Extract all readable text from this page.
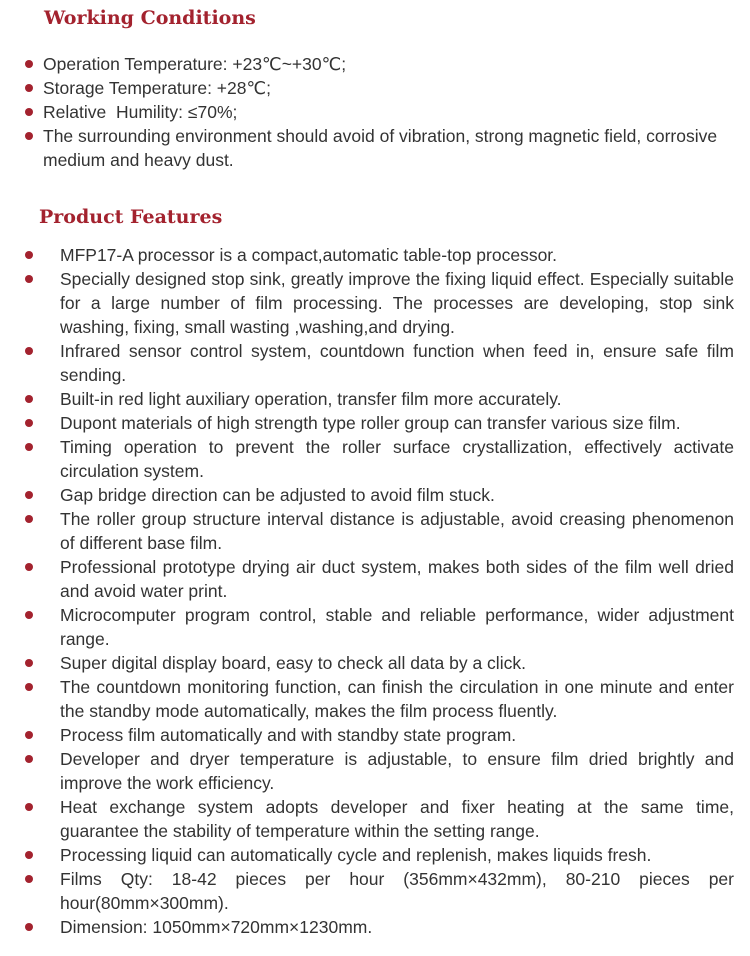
Working Conditions
Operation Temperature: +23℃~+30℃;
Storage Temperature: +28℃;
Relative  Humility: ≤70%;
The surrounding environment should avoid of vibration, strong magnetic field, corrosive medium and heavy dust.
Product Features
MFP17-A processor is a compact,automatic table-top processor.
Specially designed stop sink, greatly improve the fixing liquid effect. Especially suitable for a large number of film processing. The processes are developing, stop sink washing, fixing, small wasting ,washing,and drying.
Infrared sensor control system, countdown function when feed in, ensure safe film sending.
Built-in red light auxiliary operation, transfer film more accurately.
Dupont materials of high strength type roller group can transfer various size film.
Timing operation to prevent the roller surface crystallization, effectively activate circulation system.
Gap bridge direction can be adjusted to avoid film stuck.
The roller group structure interval distance is adjustable, avoid creasing phenomenon of different base film.
Professional prototype drying air duct system, makes both sides of the film well dried and avoid water print.
Microcomputer program control, stable and reliable performance, wider adjustment range.
Super digital display board, easy to check all data by a click.
The countdown monitoring function, can finish the circulation in one minute and enter the standby mode automatically, makes the film process fluently.
Process film automatically and with standby state program.
Developer and dryer temperature is adjustable, to ensure film dried brightly and improve the work efficiency.
Heat exchange system adopts developer and fixer heating at the same time, guarantee the stability of temperature within the setting range.
Processing liquid can automatically cycle and replenish, makes liquids fresh.
Films Qty: 18-42 pieces per hour (356mm×432mm), 80-210 pieces per hour(80mm×300mm).
Dimension: 1050mm×720mm×1230mm.
